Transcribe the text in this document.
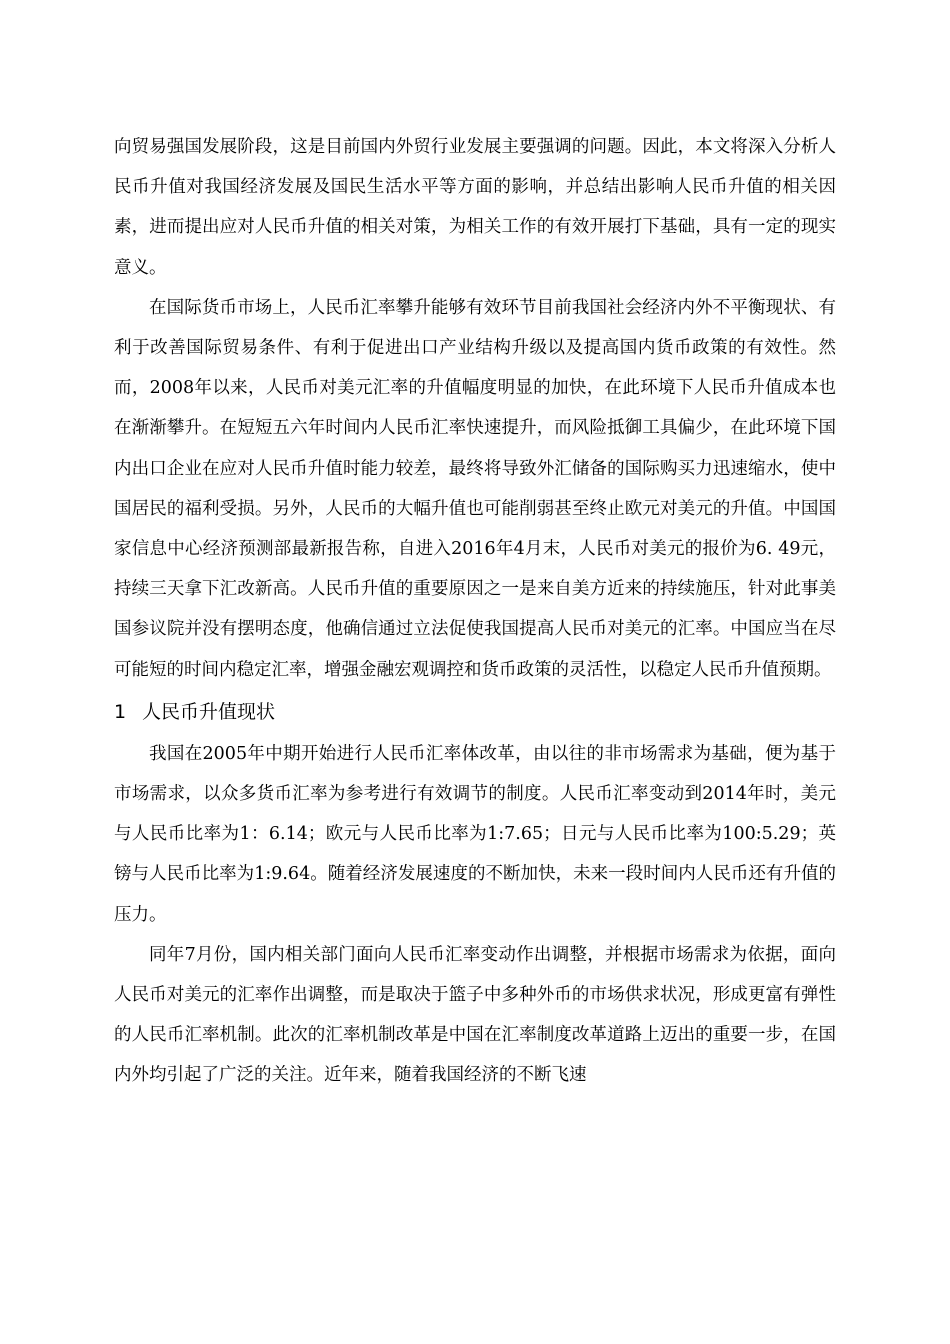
向贸易强国发展阶段，这是目前国内外贸行业发展主要强调的问题。因此，本文将深入分析人民币升值对我国经济发展及国民生活水平等方面的影响，并总结出影响人民币升值的相关因素，进而提出应对人民币升值的相关对策，为相关工作的有效开展打下基础，具有一定的现实意义。

在国际货币市场上，人民币汇率攀升能够有效环节目前我国社会经济内外不平衡现状、有利于改善国际贸易条件、有利于促进出口产业结构升级以及提高国内货币政策的有效性。然而，2008年以来，人民币对美元汇率的升值幅度明显的加快，在此环境下人民币升值成本也在渐渐攀升。在短短五六年时间内人民币汇率快速提升，而风险抵御工具偏少，在此环境下国内出口企业在应对人民币升值时能力较差，最终将导致外汇储备的国际购买力迅速缩水，使中国居民的福利受损。另外，人民币的大幅升值也可能削弱甚至终止欧元对美元的升值。中国国家信息中心经济预测部最新报告称，自进入2016年4月末，人民币对美元的报价为6. 49元，持续三天拿下汇改新高。人民币升值的重要原因之一是来自美方近来的持续施压，针对此事美国参议院并没有摆明态度，他确信通过立法促使我国提高人民币对美元的汇率。中国应当在尽可能短的时间内稳定汇率，增强金融宏观调控和货币政策的灵活性，以稳定人民币升值预期。

1 人民币升值现状

我国在2005年中期开始进行人民币汇率体改革，由以往的非市场需求为基础，便为基于市场需求，以众多货币汇率为参考进行有效调节的制度。人民币汇率变动到2014年时，美元与人民币比率为1：6.14；欧元与人民币比率为1:7.65；日元与人民币比率为100:5.29；英镑与人民币比率为1:9.64。随着经济发展速度的不断加快，未来一段时间内人民币还有升值的压力。

同年7月份，国内相关部门面向人民币汇率变动作出调整，并根据市场需求为依据，面向人民币对美元的汇率作出调整，而是取决于篮子中多种外币的市场供求状况，形成更富有弹性的人民币汇率机制。此次的汇率机制改革是中国在汇率制度改革道路上迈出的重要一步，在国内外均引起了广泛的关注。近年来，随着我国经济的不断飞速
